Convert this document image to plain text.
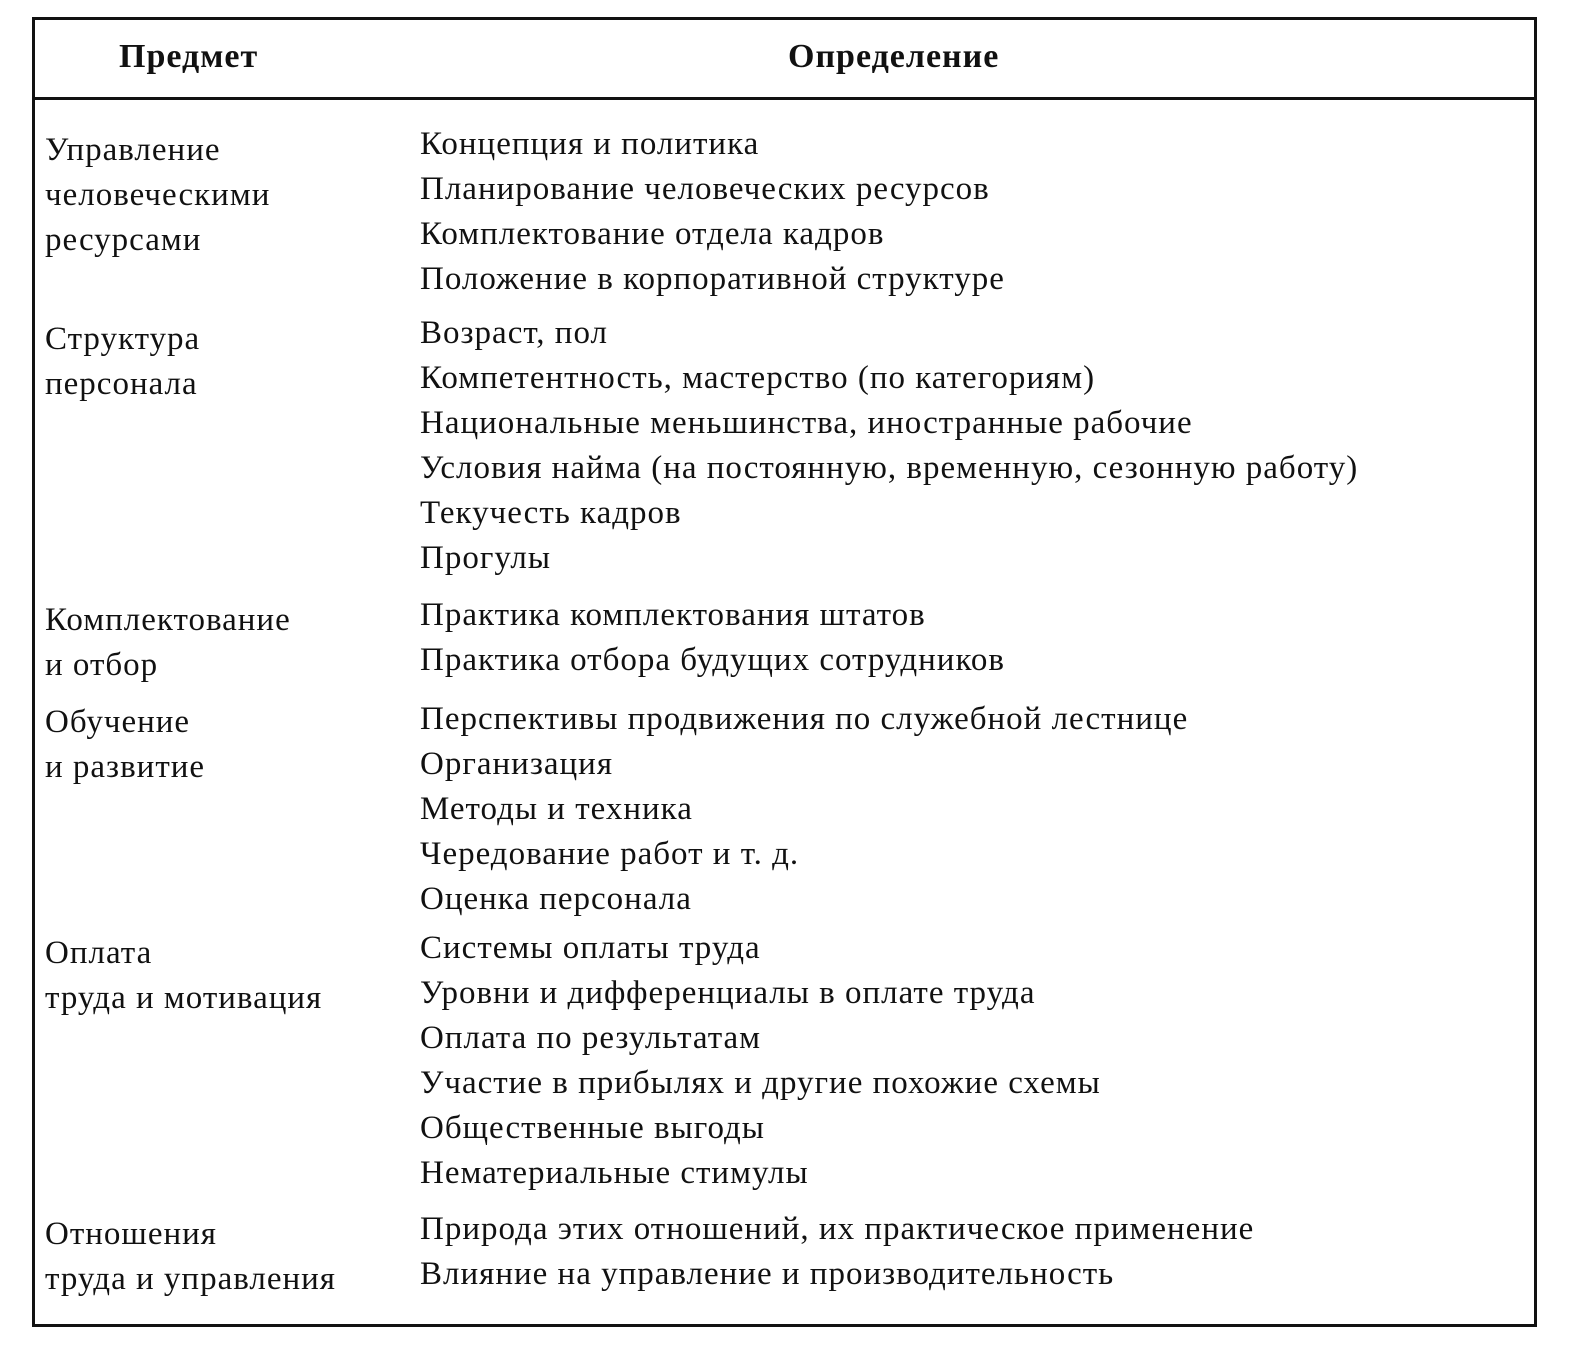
Предмет	Определение
Управление
человеческими
ресурсами
Концепция и политика
Планирование человеческих ресурсов
Комплектование отдела кадров
Положение в корпоративной структуре
Структура
персонала
Возраст, пол
Компетентность, мастерство (по категориям)
Национальные меньшинства, иностранные рабочие
Условия найма (на постоянную, временную, сезонную работу)
Текучесть кадров
Прогулы
Комплектование
и отбор
Практика комплектования штатов
Практика отбора будущих сотрудников
Обучение
и развитие
Перспективы продвижения по служебной лестнице
Организация
Методы и техника
Чередование работ и т. д.
Оценка персонала
Оплата
труда и мотивация
Системы оплаты труда
Уровни и дифференциалы в оплате труда
Оплата по результатам
Участие в прибылях и другие похожие схемы
Общественные выгоды
Нематериальные стимулы
Отношения
труда и управления
Природа этих отношений, их практическое применение
Влияние на управление и производительность
